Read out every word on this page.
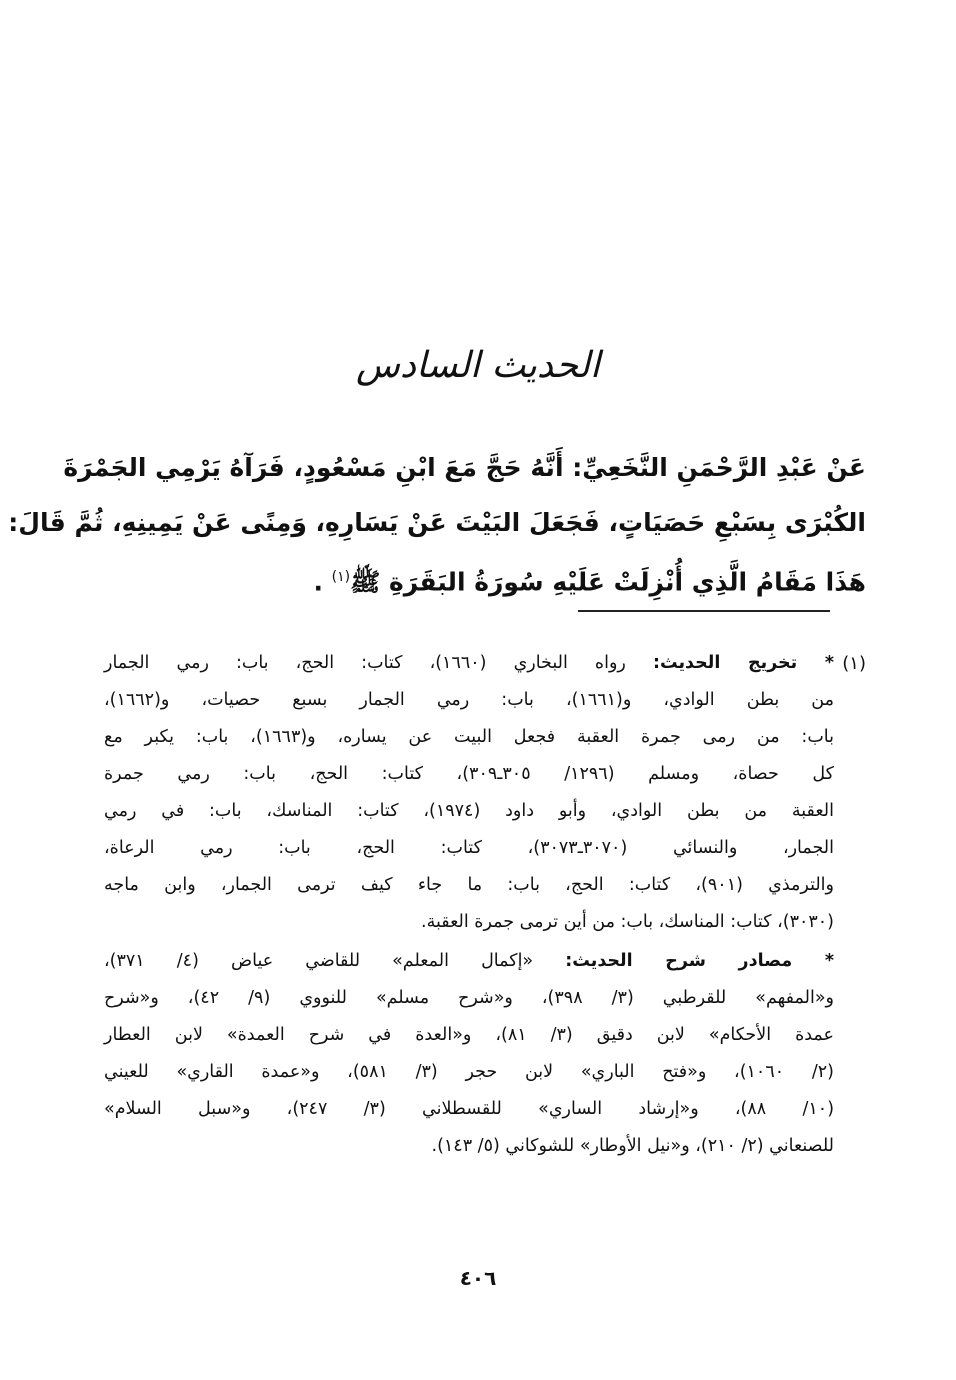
الحديث السادس
عَنْ عَبْدِ الرَّحْمَنِ النَّخَعِيِّ: أَنَّهُ حَجَّ مَعَ ابْنِ مَسْعُودٍ، فَرَآهُ يَرْمِي الجَمْرَةَ
الكُبْرَى بِسَبْعِ حَصَيَاتٍ، فَجَعَلَ البَيْتَ عَنْ يَسَارِهِ، وَمِنًى عَنْ يَمِينِهِ، ثُمَّ قَالَ:
هَذَا مَقَامُ الَّذِي أُنْزِلَتْ عَلَيْهِ سُورَةُ البَقَرَةِ ﷺ$^{(١)}$ .
(١)
* تخريج الحديث: رواه البخاري (١٦٦٠)، كتاب: الحج، باب: رمي الجمار
من بطن الوادي، و(١٦٦١)، باب: رمي الجمار بسبع حصيات، و(١٦٦٢)،
باب: من رمى جمرة العقبة فجعل البيت عن يساره، و(١٦٦٣)، باب: يكبر مع
كل حصاة، ومسلم (١٢٩٦/ ٣٠٥ـ٣٠٩)، كتاب: الحج، باب: رمي جمرة
العقبة من بطن الوادي، وأبو داود (١٩٧٤)، كتاب: المناسك، باب: في رمي
الجمار، والنسائي (٣٠٧٠ـ٣٠٧٣)، كتاب: الحج، باب: رمي الرعاة،
والترمذي (٩٠١)، كتاب: الحج، باب: ما جاء كيف ترمى الجمار، وابن ماجه
(٣٠٣٠)، كتاب: المناسك، باب: من أين ترمى جمرة العقبة.
* مصادر شرح الحديث: «إكمال المعلم» للقاضي عياض (٤/ ٣٧١)،
و«المفهم» للقرطبي (٣/ ٣٩٨)، و«شرح مسلم» للنووي (٩/ ٤٢)، و«شرح
عمدة الأحكام» لابن دقيق (٣/ ٨١)، و«العدة في شرح العمدة» لابن العطار
(٢/ ١٠٦٠)، و«فتح الباري» لابن حجر (٣/ ٥٨١)، و«عمدة القاري» للعيني
(١٠/ ٨٨)، و«إرشاد الساري» للقسطلاني (٣/ ٢٤٧)، و«سبل السلام»
للصنعاني (٢/ ٢١٠)، و«نيل الأوطار» للشوكاني (٥/ ١٤٣).
٤٠٦
